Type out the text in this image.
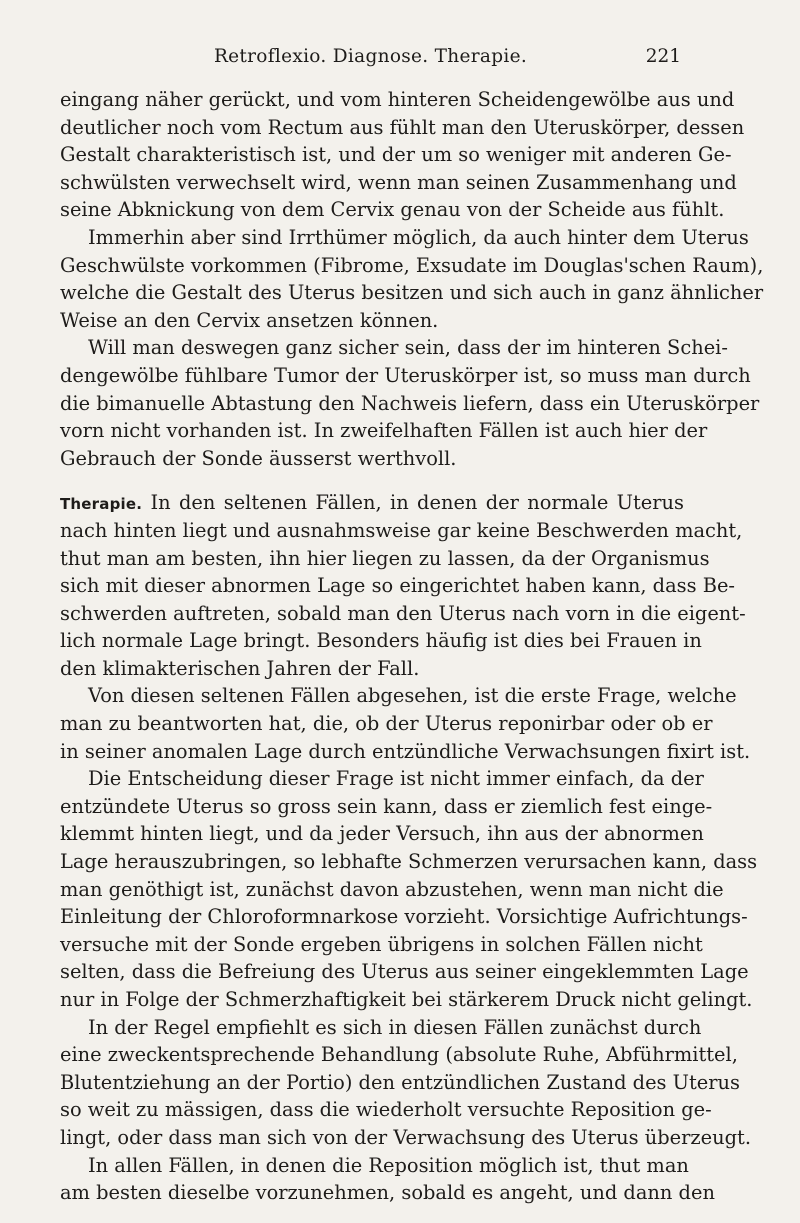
Retroflexio. Diagnose. Therapie.	221
eingang näher gerückt, und vom hinteren Scheidengewölbe aus und
deutlicher noch vom Rectum aus fühlt man den Uteruskörper, dessen
Gestalt charakteristisch ist, und der um so weniger mit anderen Ge-
schwülsten verwechselt wird, wenn man seinen Zusammenhang und
seine Abknickung von dem Cervix genau von der Scheide aus fühlt.
Immerhin aber sind Irrthümer möglich, da auch hinter dem Uterus
Geschwülste vorkommen (Fibrome, Exsudate im Douglas'schen Raum),
welche die Gestalt des Uterus besitzen und sich auch in ganz ähnlicher
Weise an den Cervix ansetzen können.
Will man deswegen ganz sicher sein, dass der im hinteren Schei-
dengewölbe fühlbare Tumor der Uteruskörper ist, so muss man durch
die bimanuelle Abtastung den Nachweis liefern, dass ein Uteruskörper
vorn nicht vorhanden ist. In zweifelhaften Fällen ist auch hier der
Gebrauch der Sonde äusserst werthvoll.
Therapie. In den seltenen Fällen, in denen der normale Uterus
nach hinten liegt und ausnahmsweise gar keine Beschwerden macht,
thut man am besten, ihn hier liegen zu lassen, da der Organismus
sich mit dieser abnormen Lage so eingerichtet haben kann, dass Be-
schwerden auftreten, sobald man den Uterus nach vorn in die eigent-
lich normale Lage bringt. Besonders häufig ist dies bei Frauen in
den klimakterischen Jahren der Fall.
Von diesen seltenen Fällen abgesehen, ist die erste Frage, welche
man zu beantworten hat, die, ob der Uterus reponirbar oder ob er
in seiner anomalen Lage durch entzündliche Verwachsungen fixirt ist.
Die Entscheidung dieser Frage ist nicht immer einfach, da der
entzündete Uterus so gross sein kann, dass er ziemlich fest einge-
klemmt hinten liegt, und da jeder Versuch, ihn aus der abnormen
Lage herauszubringen, so lebhafte Schmerzen verursachen kann, dass
man genöthigt ist, zunächst davon abzustehen, wenn man nicht die
Einleitung der Chloroformnarkose vorzieht. Vorsichtige Aufrichtungs-
versuche mit der Sonde ergeben übrigens in solchen Fällen nicht
selten, dass die Befreiung des Uterus aus seiner eingeklemmten Lage
nur in Folge der Schmerzhaftigkeit bei stärkerem Druck nicht gelingt.
In der Regel empfiehlt es sich in diesen Fällen zunächst durch
eine zweckentsprechende Behandlung (absolute Ruhe, Abführmittel,
Blutentziehung an der Portio) den entzündlichen Zustand des Uterus
so weit zu mässigen, dass die wiederholt versuchte Reposition ge-
lingt, oder dass man sich von der Verwachsung des Uterus überzeugt.
In allen Fällen, in denen die Reposition möglich ist, thut man
am besten dieselbe vorzunehmen, sobald es angeht, und dann den
